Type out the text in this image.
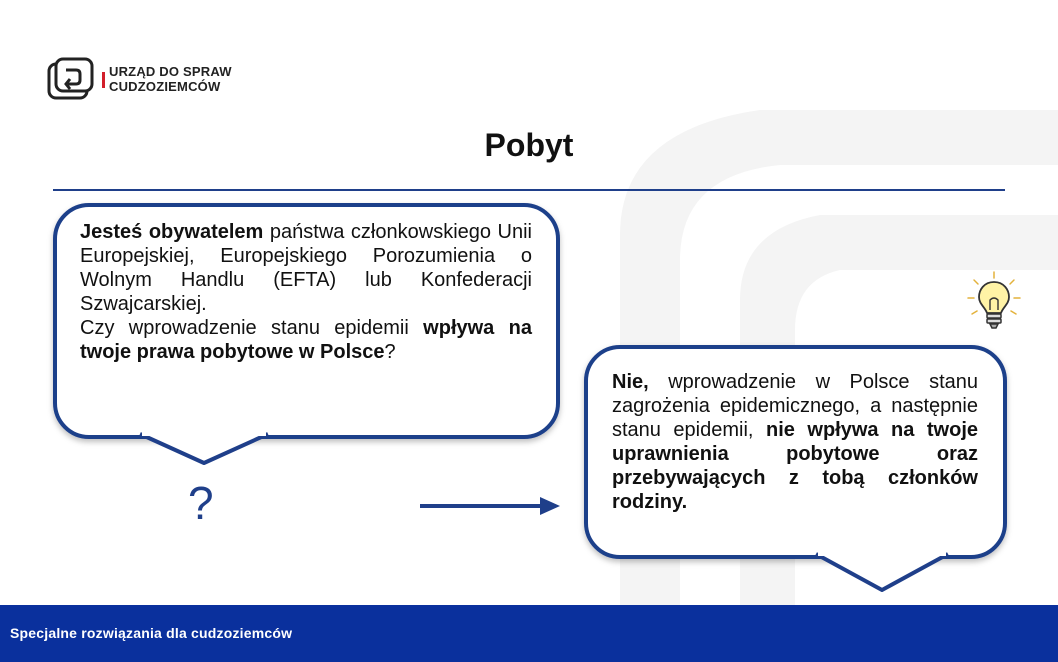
URZĄD DO SPRAW
CUDZOZIEMCÓW
Pobyt
Jesteś obywatelem państwa członkowskiego Unii Europejskiej, Europejskiego Porozumienia o Wolnym Handlu (EFTA) lub Konfederacji Szwajcarskiej.
Czy wprowadzenie stanu epidemii wpływa na twoje prawa pobytowe w Polsce?
?
Nie, wprowadzenie w Polsce stanu zagrożenia epidemicznego, a następnie stanu epidemii, nie wpływa na twoje uprawnienia pobytowe oraz przebywających z tobą członków rodziny.
Specjalne rozwiązania dla cudzoziemców
